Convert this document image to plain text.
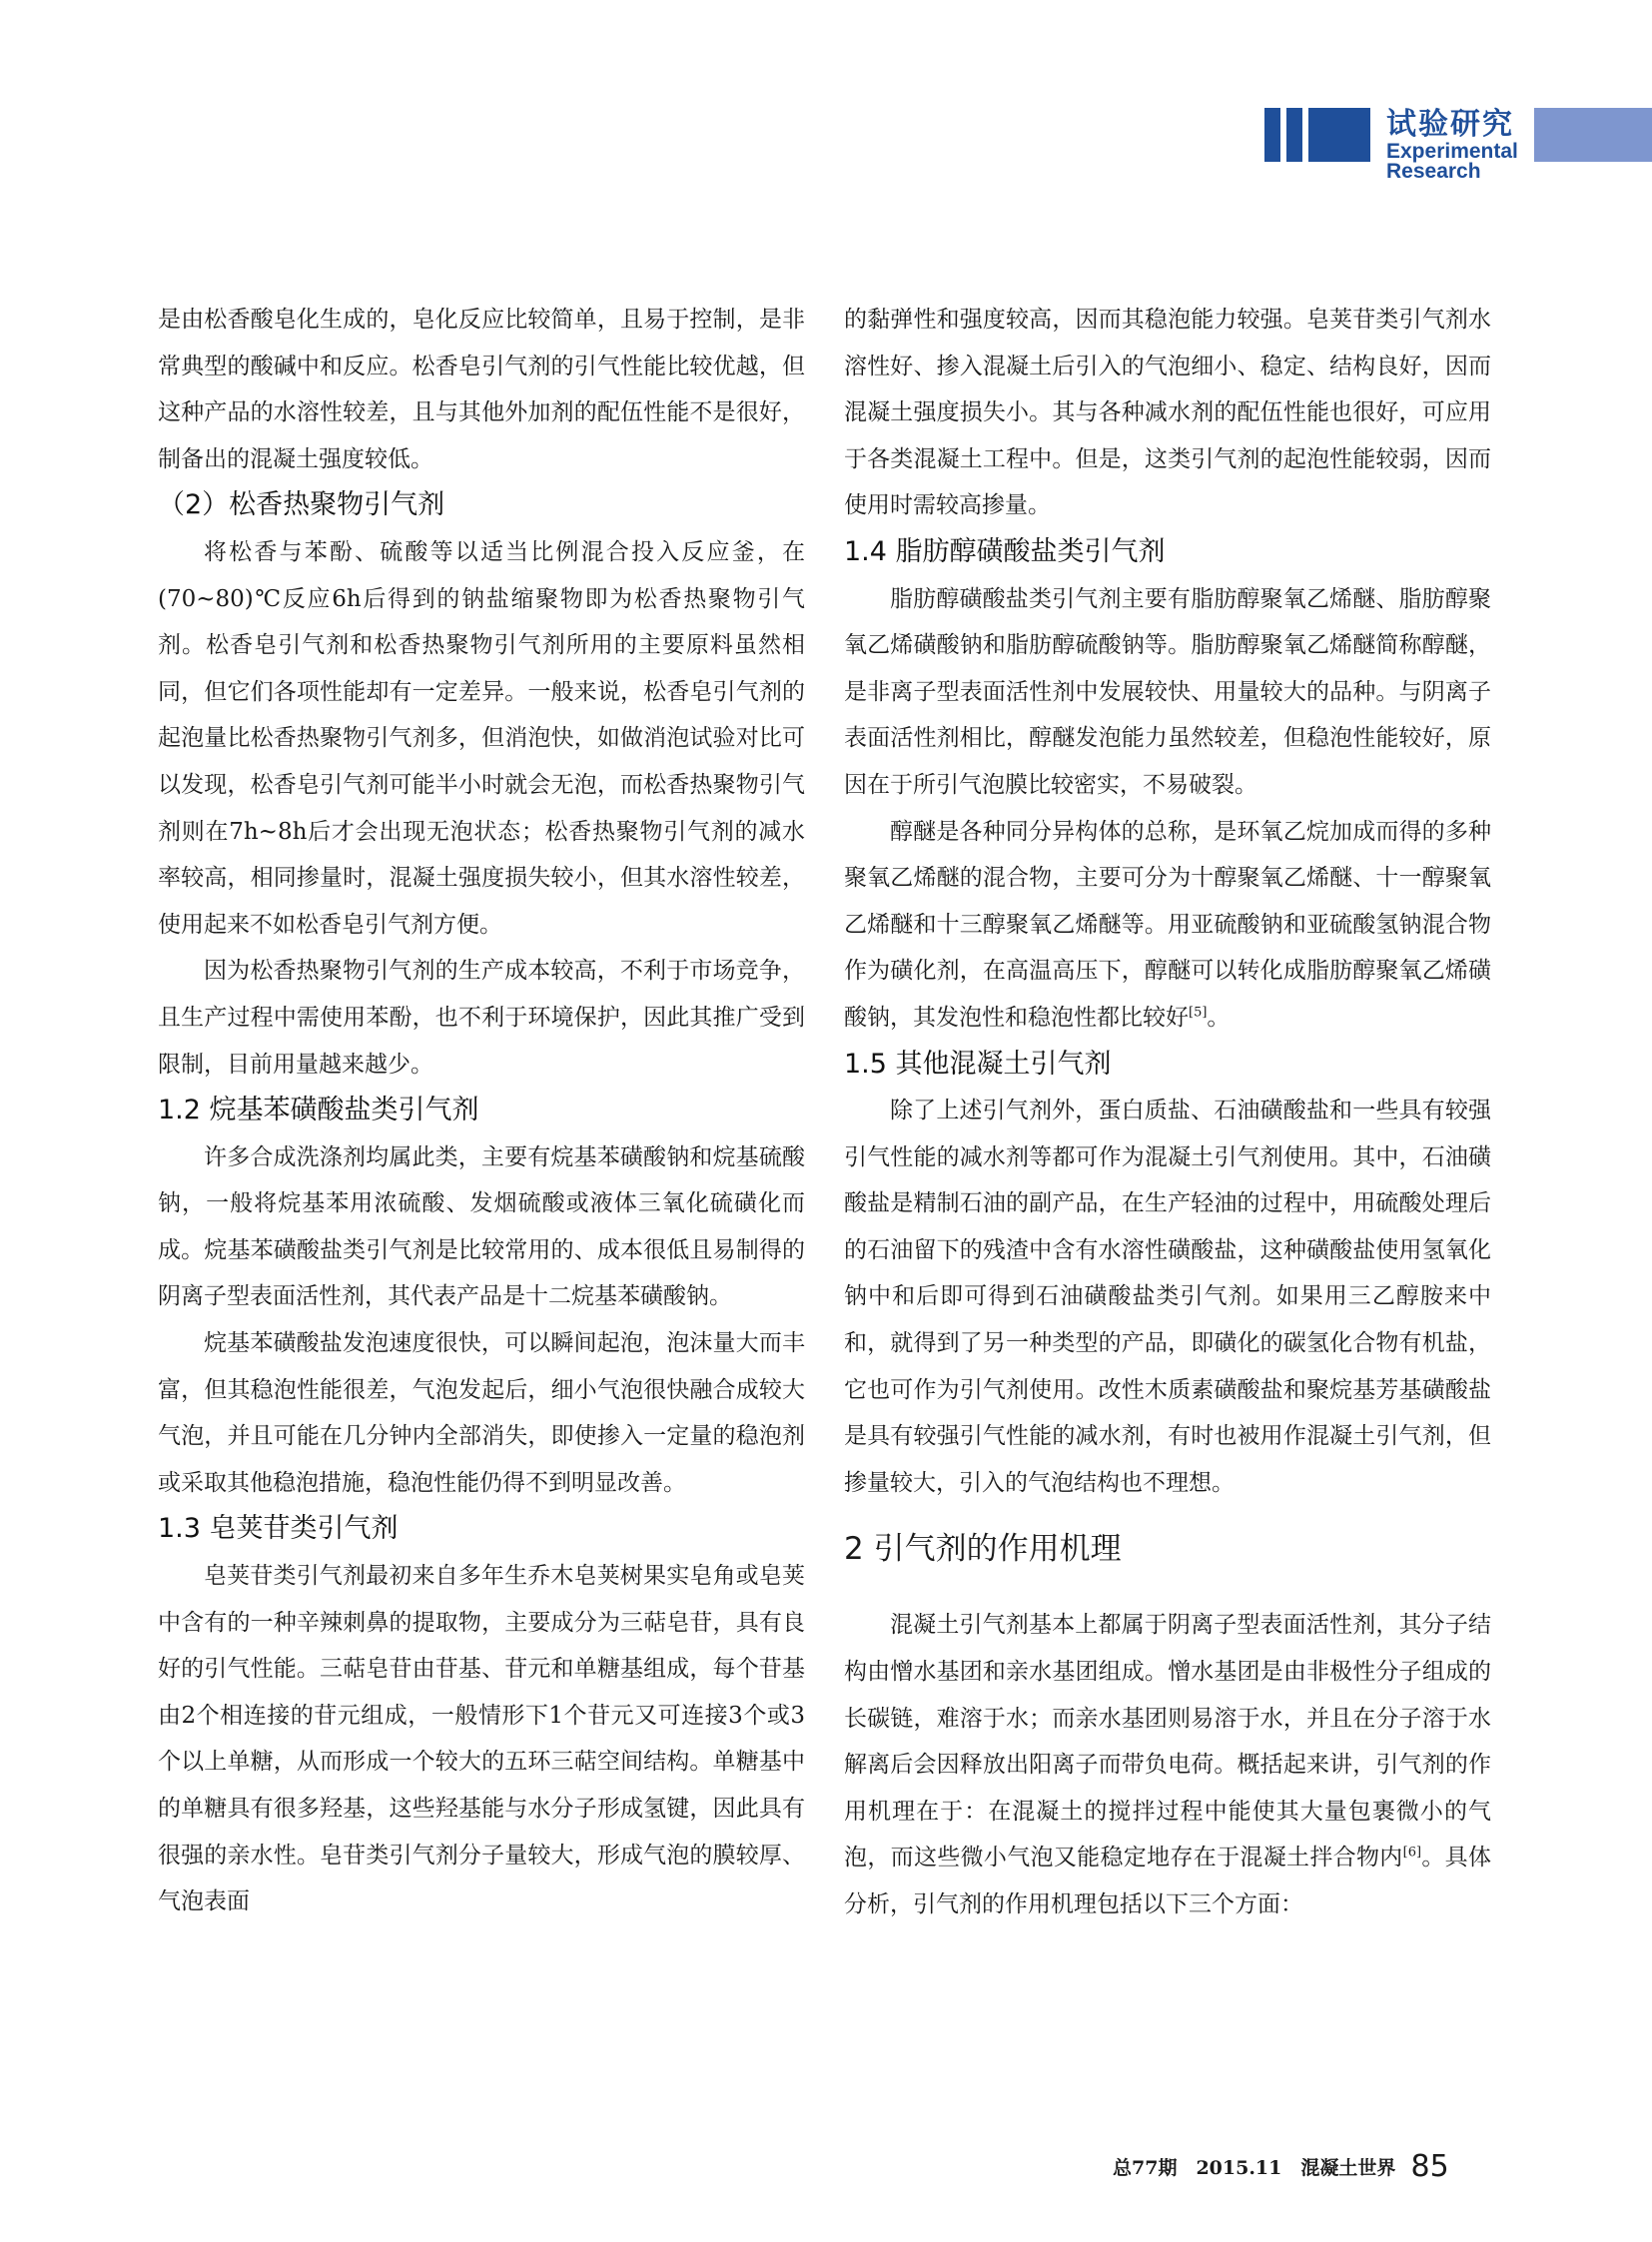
试验研究
Experimental Research

是由松香酸皂化生成的，皂化反应比较简单，且易于控制，是非常典型的酸碱中和反应。松香皂引气剂的引气性能比较优越，但这种产品的水溶性较差，且与其他外加剂的配伍性能不是很好，制备出的混凝土强度较低。

（2）松香热聚物引气剂

将松香与苯酚、硫酸等以适当比例混合投入反应釜，在(70~80)℃反应6h后得到的钠盐缩聚物即为松香热聚物引气剂。松香皂引气剂和松香热聚物引气剂所用的主要原料虽然相同，但它们各项性能却有一定差异。一般来说，松香皂引气剂的起泡量比松香热聚物引气剂多，但消泡快，如做消泡试验对比可以发现，松香皂引气剂可能半小时就会无泡，而松香热聚物引气剂则在7h~8h后才会出现无泡状态；松香热聚物引气剂的减水率较高，相同掺量时，混凝土强度损失较小，但其水溶性较差，使用起来不如松香皂引气剂方便。

因为松香热聚物引气剂的生产成本较高，不利于市场竞争，且生产过程中需使用苯酚，也不利于环境保护，因此其推广受到限制，目前用量越来越少。

1.2 烷基苯磺酸盐类引气剂

许多合成洗涤剂均属此类，主要有烷基苯磺酸钠和烷基硫酸钠，一般将烷基苯用浓硫酸、发烟硫酸或液体三氧化硫磺化而成。烷基苯磺酸盐类引气剂是比较常用的、成本很低且易制得的阴离子型表面活性剂，其代表产品是十二烷基苯磺酸钠。

烷基苯磺酸盐发泡速度很快，可以瞬间起泡，泡沫量大而丰富，但其稳泡性能很差，气泡发起后，细小气泡很快融合成较大气泡，并且可能在几分钟内全部消失，即使掺入一定量的稳泡剂或采取其他稳泡措施，稳泡性能仍得不到明显改善。

1.3 皂荚苷类引气剂

皂荚苷类引气剂最初来自多年生乔木皂荚树果实皂角或皂荚中含有的一种辛辣刺鼻的提取物，主要成分为三萜皂苷，具有良好的引气性能。三萜皂苷由苷基、苷元和单糖基组成，每个苷基由2个相连接的苷元组成，一般情形下1个苷元又可连接3个或3个以上单糖，从而形成一个较大的五环三萜空间结构。单糖基中的单糖具有很多羟基，这些羟基能与水分子形成氢键，因此具有很强的亲水性。皂苷类引气剂分子量较大，形成气泡的膜较厚、气泡表面

的黏弹性和强度较高，因而其稳泡能力较强。皂荚苷类引气剂水溶性好、掺入混凝土后引入的气泡细小、稳定、结构良好，因而混凝土强度损失小。其与各种减水剂的配伍性能也很好，可应用于各类混凝土工程中。但是，这类引气剂的起泡性能较弱，因而使用时需较高掺量。

1.4 脂肪醇磺酸盐类引气剂

脂肪醇磺酸盐类引气剂主要有脂肪醇聚氧乙烯醚、脂肪醇聚氧乙烯磺酸钠和脂肪醇硫酸钠等。脂肪醇聚氧乙烯醚简称醇醚，是非离子型表面活性剂中发展较快、用量较大的品种。与阴离子表面活性剂相比，醇醚发泡能力虽然较差，但稳泡性能较好，原因在于所引气泡膜比较密实，不易破裂。

醇醚是各种同分异构体的总称，是环氧乙烷加成而得的多种聚氧乙烯醚的混合物，主要可分为十醇聚氧乙烯醚、十一醇聚氧乙烯醚和十三醇聚氧乙烯醚等。用亚硫酸钠和亚硫酸氢钠混合物作为磺化剂，在高温高压下，醇醚可以转化成脂肪醇聚氧乙烯磺酸钠，其发泡性和稳泡性都比较好[5]。

1.5 其他混凝土引气剂

除了上述引气剂外，蛋白质盐、石油磺酸盐和一些具有较强引气性能的减水剂等都可作为混凝土引气剂使用。其中，石油磺酸盐是精制石油的副产品，在生产轻油的过程中，用硫酸处理后的石油留下的残渣中含有水溶性磺酸盐，这种磺酸盐使用氢氧化钠中和后即可得到石油磺酸盐类引气剂。如果用三乙醇胺来中和，就得到了另一种类型的产品，即磺化的碳氢化合物有机盐，它也可作为引气剂使用。改性木质素磺酸盐和聚烷基芳基磺酸盐是具有较强引气性能的减水剂，有时也被用作混凝土引气剂，但掺量较大，引入的气泡结构也不理想。

2 引气剂的作用机理

混凝土引气剂基本上都属于阴离子型表面活性剂，其分子结构由憎水基团和亲水基团组成。憎水基团是由非极性分子组成的长碳链，难溶于水；而亲水基团则易溶于水，并且在分子溶于水解离后会因释放出阳离子而带负电荷。概括起来讲，引气剂的作用机理在于：在混凝土的搅拌过程中能使其大量包裹微小的气泡，而这些微小气泡又能稳定地存在于混凝土拌合物内[6]。具体分析，引气剂的作用机理包括以下三个方面：

总77期　2015.11　混凝土世界 85
